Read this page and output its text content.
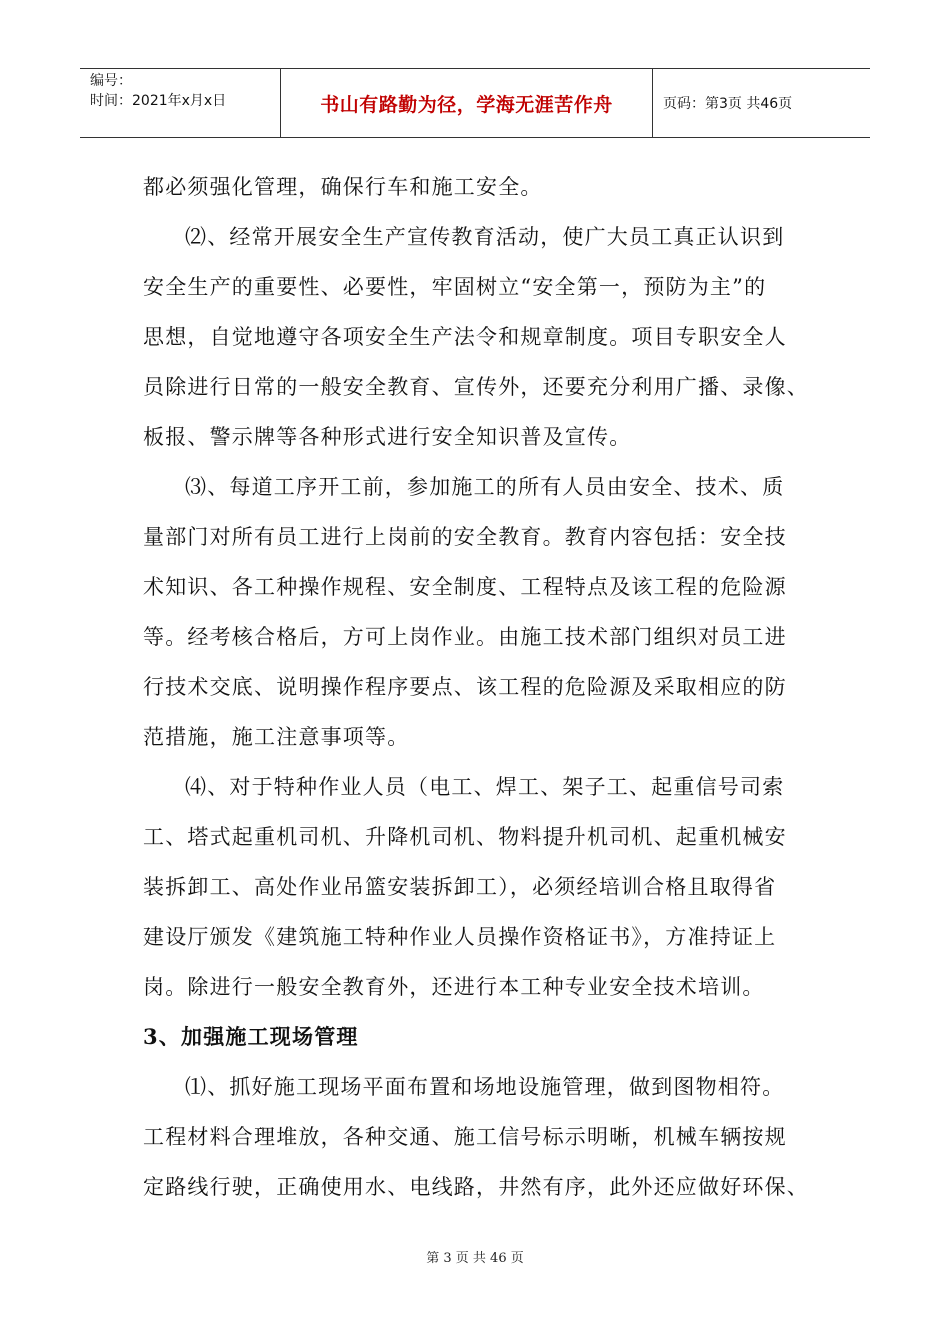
编号：
时间：2021年x月x日	书山有路勤为径，学海无涯苦作舟	页码：第3页 共46页
都必须强化管理，确保行车和施工安全。
⑵、经常开展安全生产宣传教育活动，使广大员工真正认识到
安全生产的重要性、必要性，牢固树立“安全第一，预防为主”的
思想，自觉地遵守各项安全生产法令和规章制度。项目专职安全人
员除进行日常的一般安全教育、宣传外，还要充分利用广播、录像、
板报、警示牌等各种形式进行安全知识普及宣传。
⑶、每道工序开工前，参加施工的所有人员由安全、技术、质
量部门对所有员工进行上岗前的安全教育。教育内容包括：安全技
术知识、各工种操作规程、安全制度、工程特点及该工程的危险源
等。经考核合格后，方可上岗作业。由施工技术部门组织对员工进
行技术交底、说明操作程序要点、该工程的危险源及采取相应的防
范措施，施工注意事项等。
⑷、对于特种作业人员（电工、焊工、架子工、起重信号司索
工、塔式起重机司机、升降机司机、物料提升机司机、起重机械安
装拆卸工、高处作业吊篮安装拆卸工），必须经培训合格且取得省
建设厅颁发《建筑施工特种作业人员操作资格证书》，方准持证上
岗。除进行一般安全教育外，还进行本工种专业安全技术培训。
3、加强施工现场管理
⑴、抓好施工现场平面布置和场地设施管理，做到图物相符。
工程材料合理堆放，各种交通、施工信号标示明晰，机械车辆按规
定路线行驶，正确使用水、电线路，井然有序，此外还应做好环保、
第 3 页 共 46 页
